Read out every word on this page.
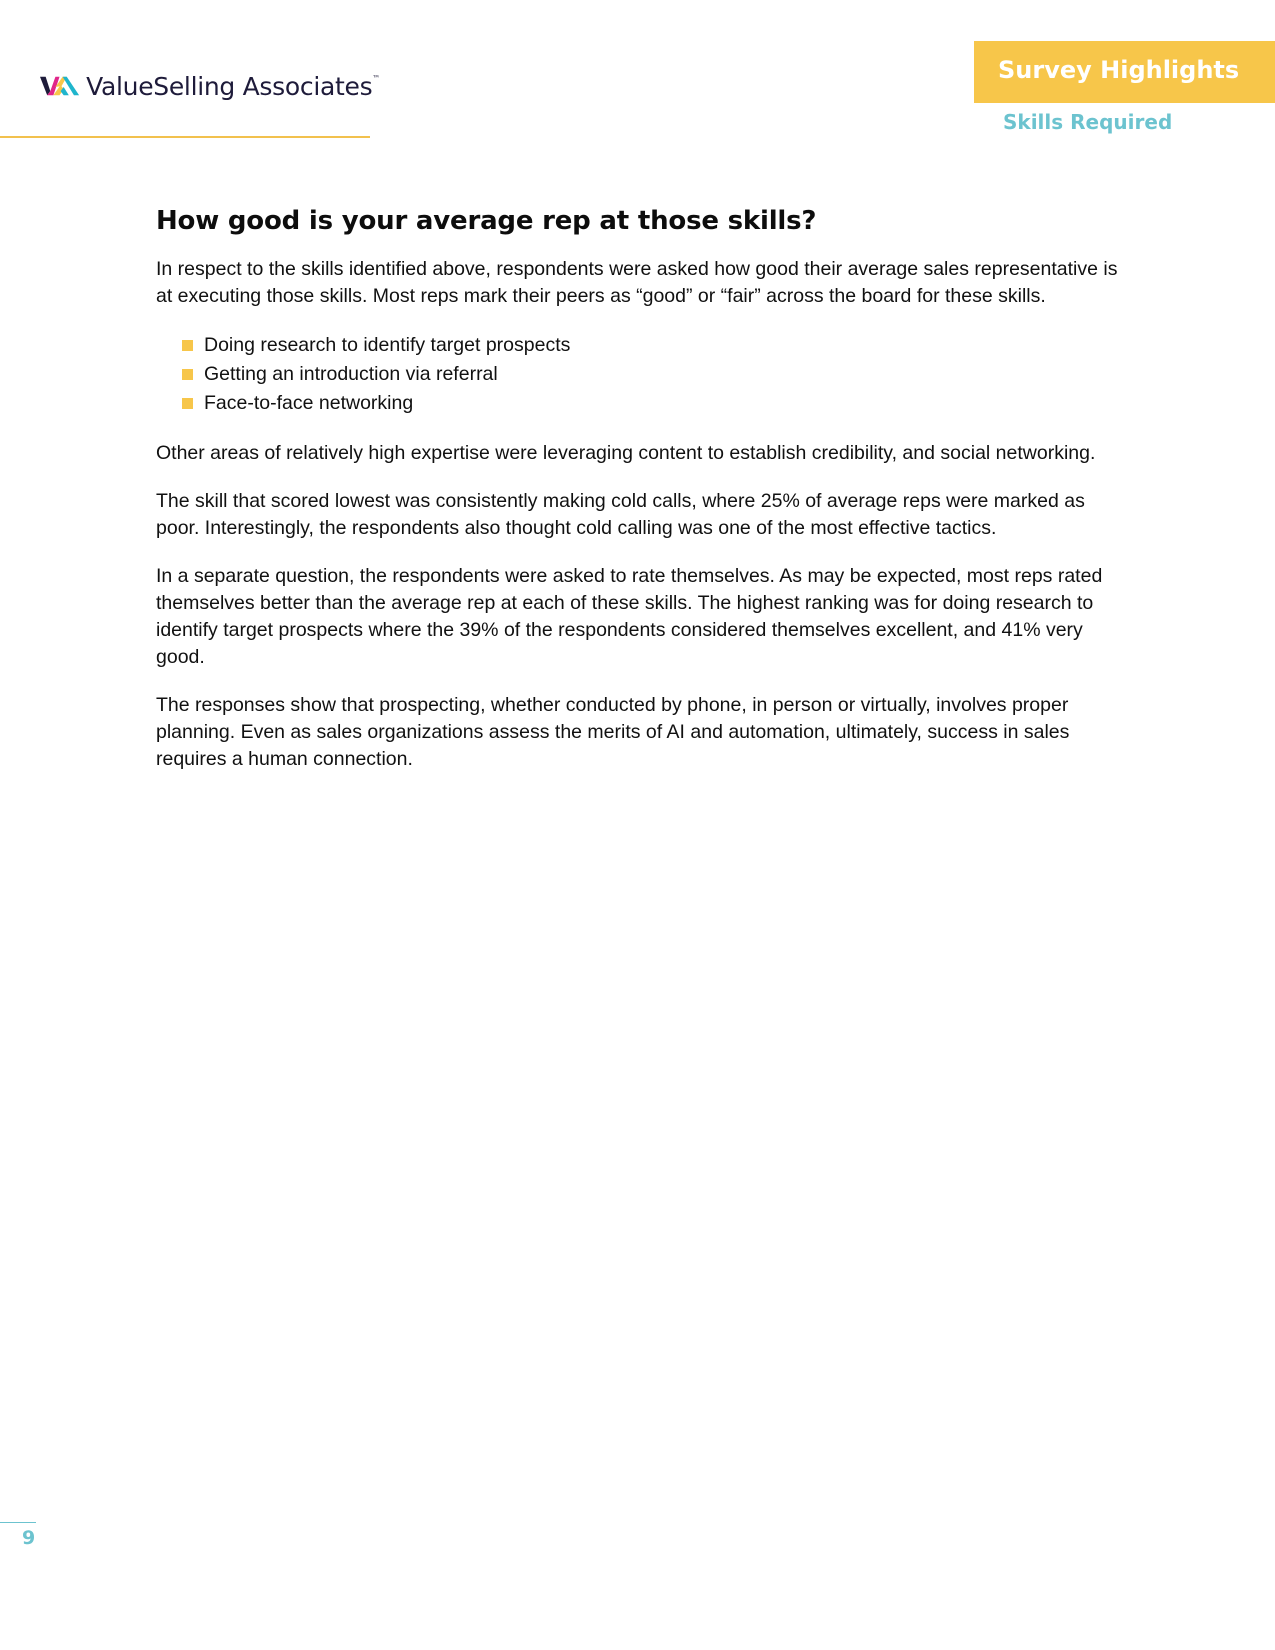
ValueSelling Associates™	Survey Highlights
Skills Required
How good is your average rep at those skills?

In respect to the skills identified above, respondents were asked how good their average sales representative is at executing those skills. Most reps mark their peers as “good” or “fair” across the board for these skills.

Doing research to identify target prospects
Getting an introduction via referral
Face-to-face networking

Other areas of relatively high expertise were leveraging content to establish credibility, and social networking.

The skill that scored lowest was consistently making cold calls, where 25% of average reps were marked as poor. Interestingly, the respondents also thought cold calling was one of the most effective tactics.

In a separate question, the respondents were asked to rate themselves. As may be expected, most reps rated themselves better than the average rep at each of these skills. The highest ranking was for doing research to identify target prospects where the 39% of the respondents considered themselves excellent, and 41% very good.

The responses show that prospecting, whether conducted by phone, in person or virtually, involves proper planning. Even as sales organizations assess the merits of AI and automation, ultimately, success in sales requires a human connection.

9
